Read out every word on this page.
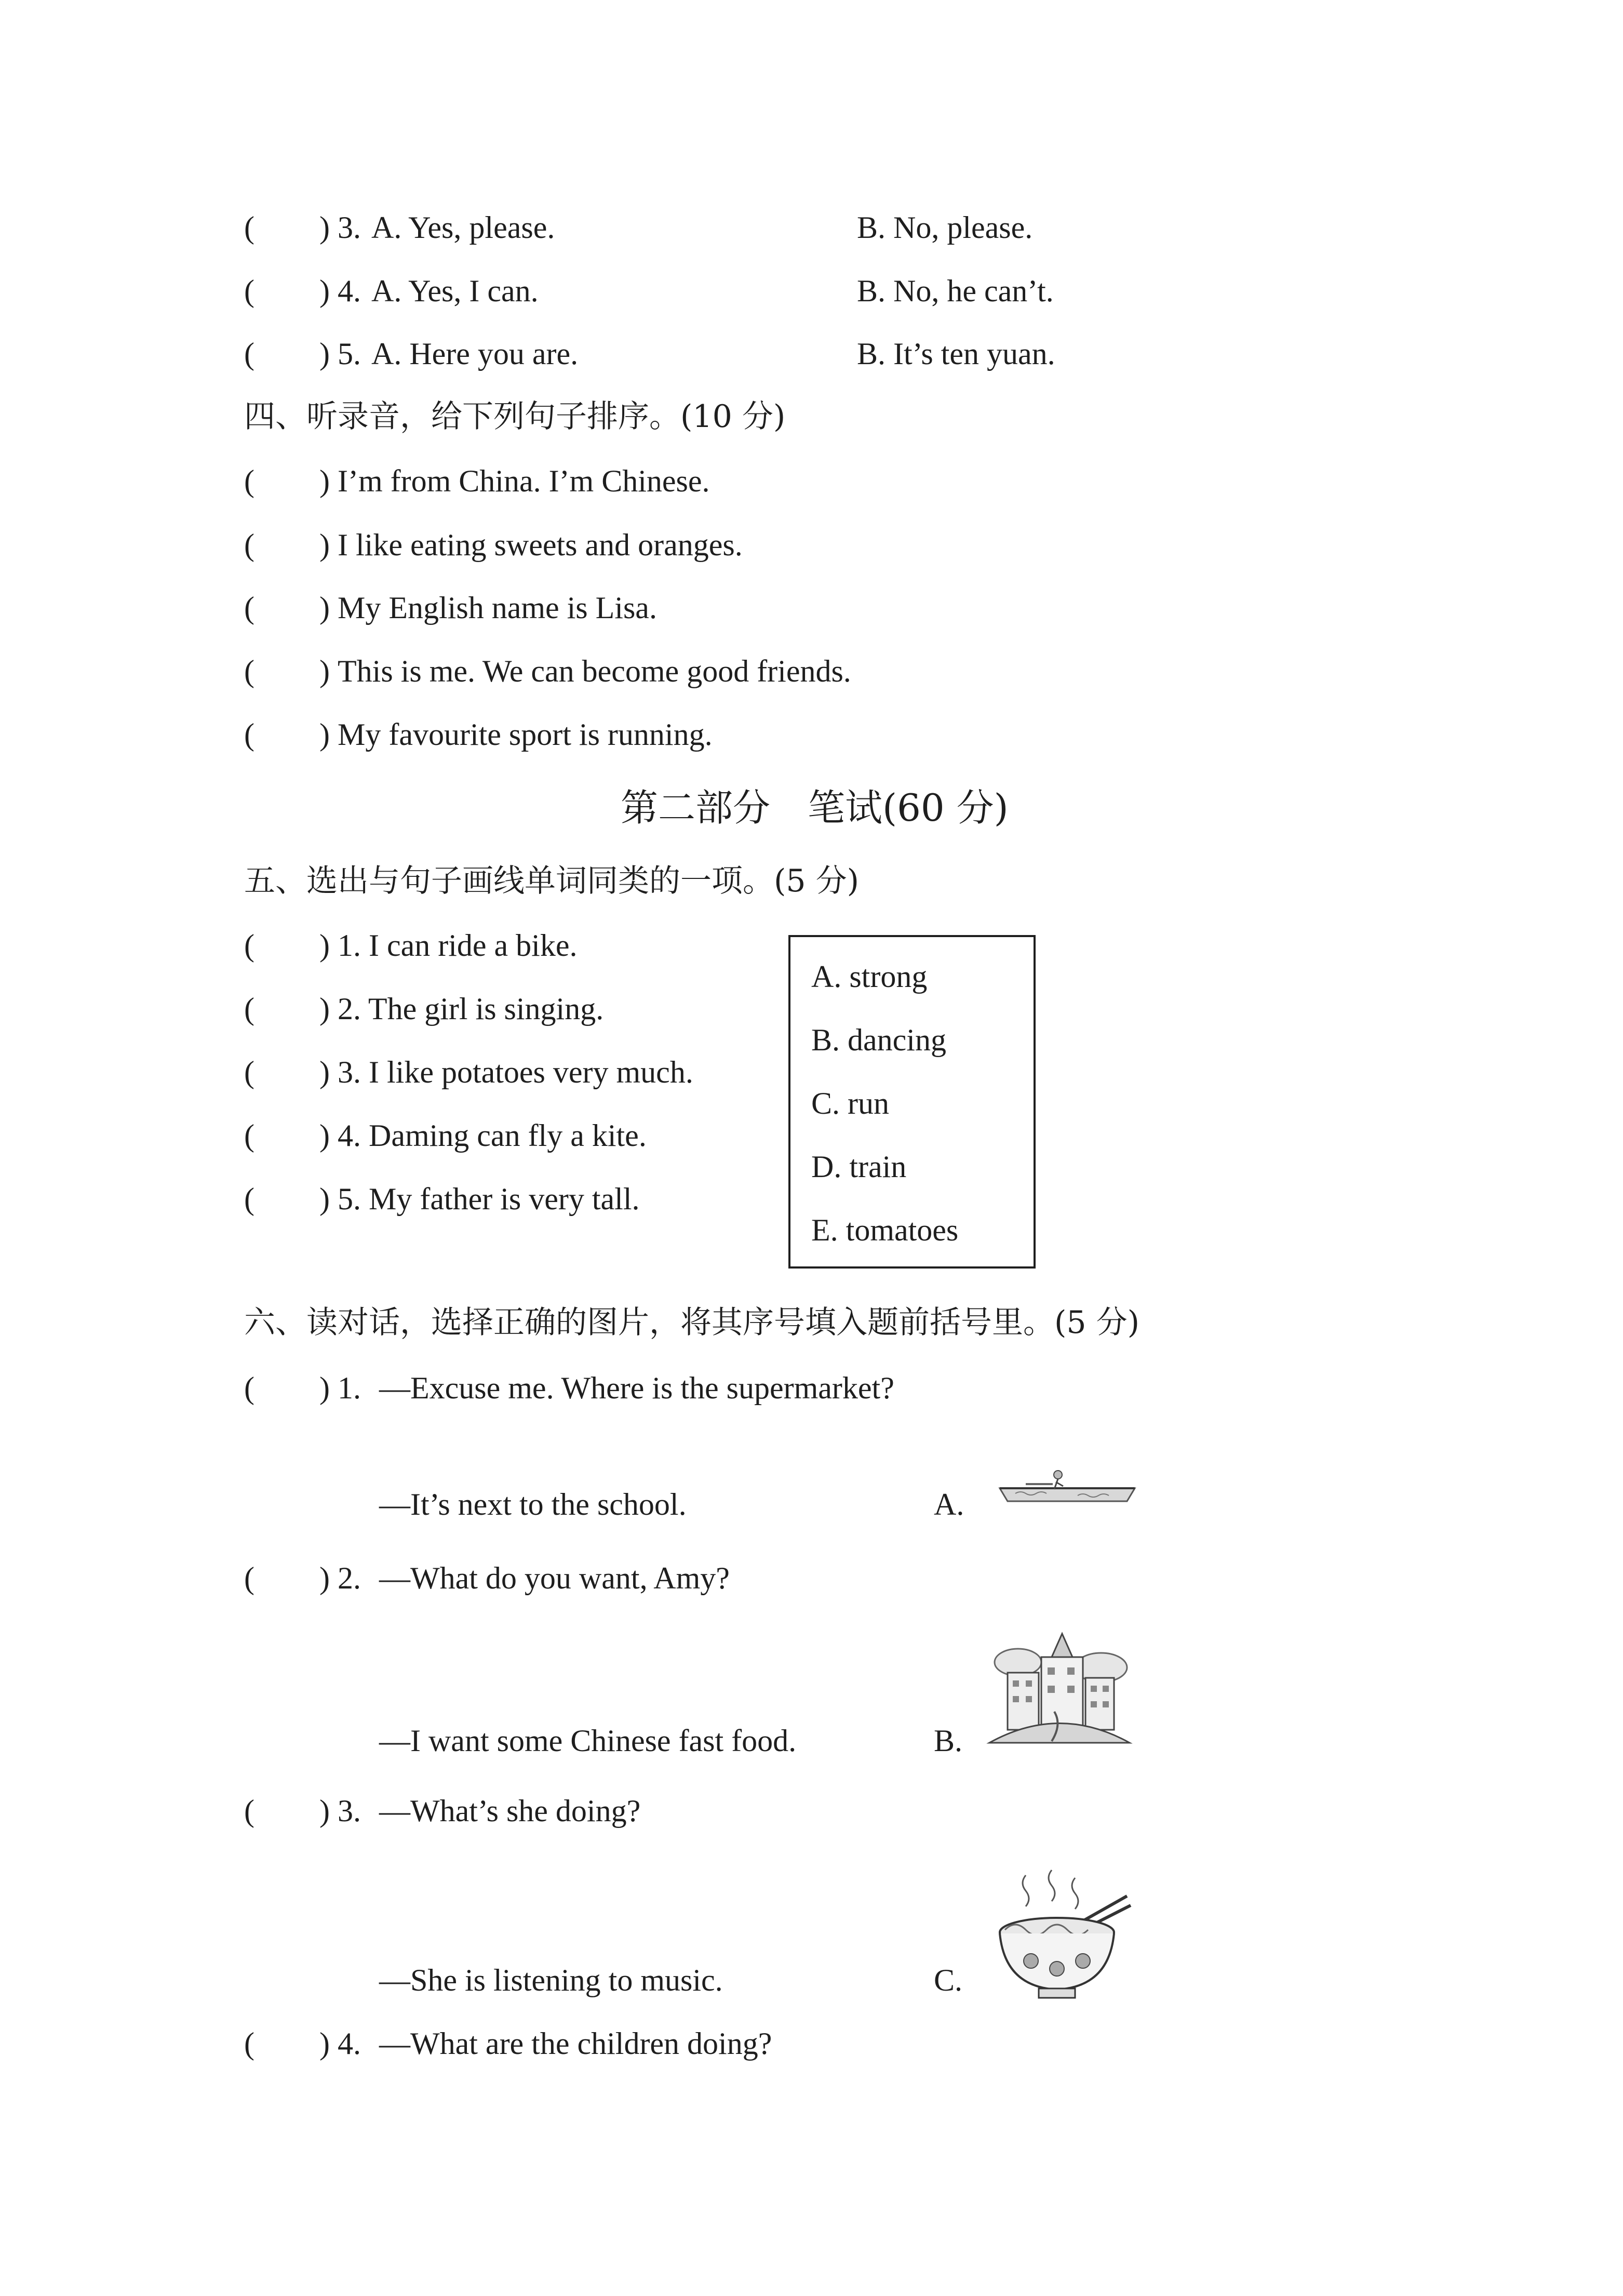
( ) 3. A. Yes, please.	B. No, please.
( ) 4. A. Yes, I can.	B. No, he can’t.
( ) 5. A. Here you are.	B. It’s ten yuan.
四、听录音，给下列句子排序。(10 分)
( ) I’m from China. I’m Chinese.
( ) I like eating sweets and oranges.
( ) My English name is Lisa.
( ) This is me. We can become good friends.
( ) My favourite sport is running.
第二部分　笔试(60 分)
五、选出与句子画线单词同类的一项。(5 分)
( ) 1. I can ride a bike.
( ) 2. The girl is singing.
( ) 3. I like potatoes very much.
( ) 4. Daming can fly a kite.
( ) 5. My father is very tall.
A. strong
B. dancing
C. run
D. train
E. tomatoes
六、读对话，选择正确的图片，将其序号填入题前括号里。(5 分)
( ) 1. —Excuse me. Where is the supermarket?
—It’s next to the school.
( ) 2. —What do you want, Amy?
—I want some Chinese fast food.
( ) 3. —What’s she doing?
—She is listening to music.
( ) 4. —What are the children doing?
A.
B.
C.
